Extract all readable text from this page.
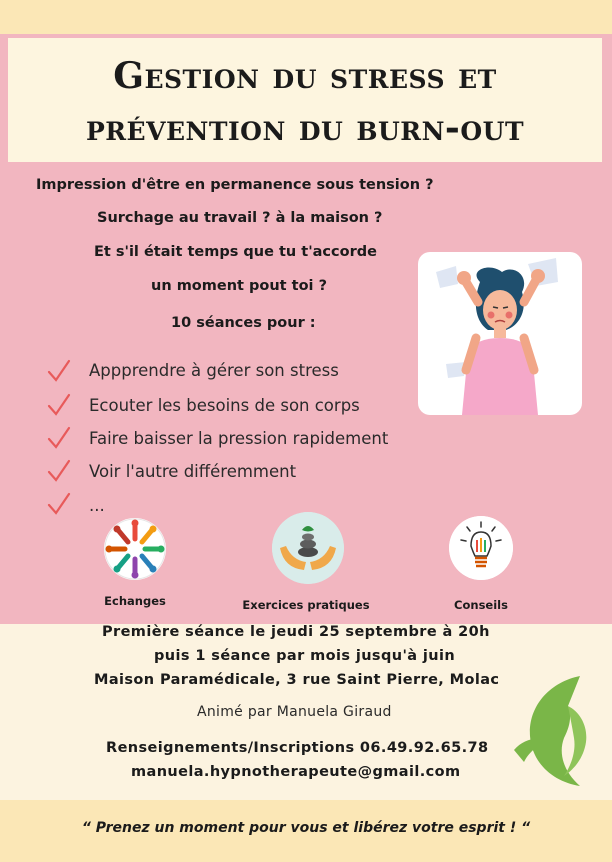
Gestion du stress et
prévention du burn-out
Impression d'être en permanence sous tension ?
Surchage au travail ? à la maison ?
Et s'il était temps que tu t'accorde
un moment pout toi ?
10 séances pour :
Appprendre à gérer son stress
Ecouter les besoins de son corps
Faire baisser la pression rapidement
Voir l'autre différemment
...
Echanges	Exercices pratiques	Conseils
Première séance le jeudi 25 septembre à 20h
puis 1 séance par mois jusqu'à juin
Maison Paramédicale, 3 rue Saint Pierre, Molac
Animé par Manuela Giraud
Renseignements/Inscriptions 06.49.92.65.78
manuela.hypnotherapeute@gmail.com
“ Prenez un moment pour vous et libérez votre esprit ! “
